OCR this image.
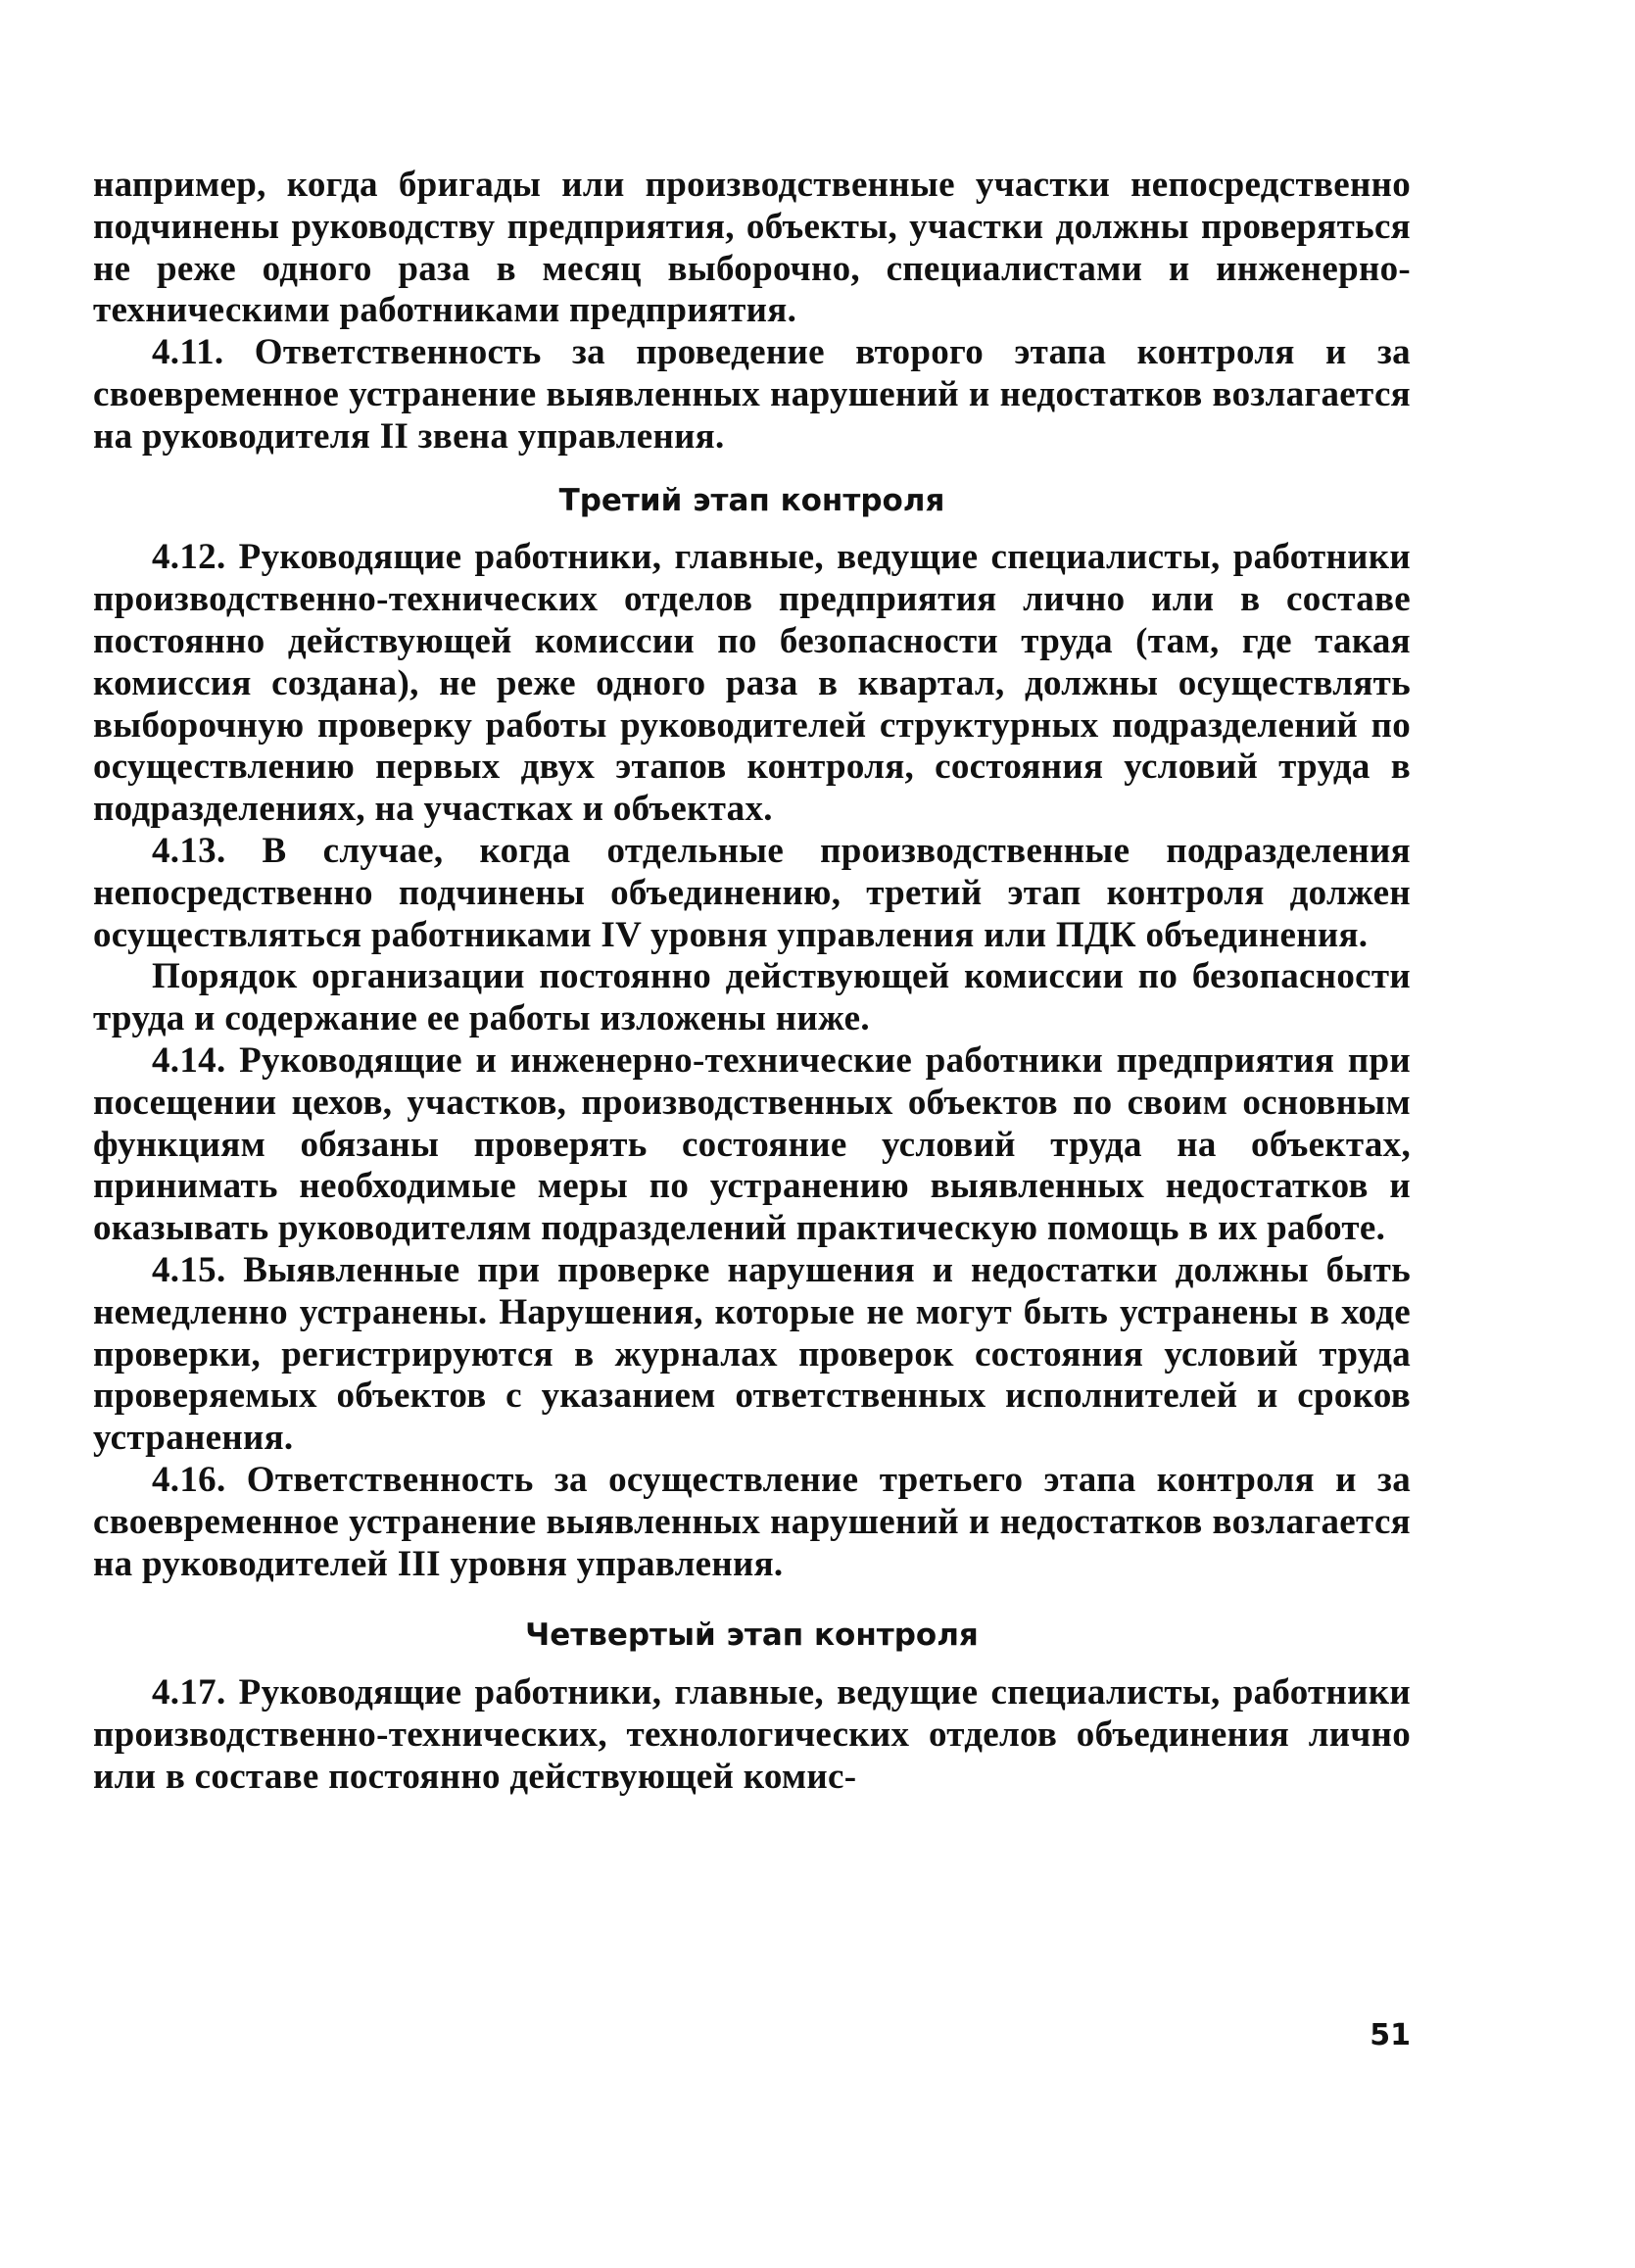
например, когда бригады или производственные участки непосредственно подчинены руководству предприятия, объекты, участки должны проверяться не реже одного раза в месяц выборочно, специалистами и инженерно-техническими работниками предприятия.

4.11. Ответственность за проведение второго этапа контроля и за своевременное устранение выявленных нарушений и недостатков возлагается на руководителя II звена управления.

Третий этап контроля

4.12. Руководящие работники, главные, ведущие специалисты, работники производственно-технических отделов предприятия лично или в составе постоянно действующей комиссии по безопасности труда (там, где такая комиссия создана), не реже одного раза в квартал, должны осуществлять выборочную проверку работы руководителей структурных подразделений по осуществлению первых двух этапов контроля, состояния условий труда в подразделениях, на участках и объектах.

4.13. В случае, когда отдельные производственные подразделения непосредственно подчинены объединению, третий этап контроля должен осуществляться работниками IV уровня управления или ПДК объединения.

Порядок организации постоянно действующей комиссии по безопасности труда и содержание ее работы изложены ниже.

4.14. Руководящие и инженерно-технические работники предприятия при посещении цехов, участков, производственных объектов по своим основным функциям обязаны проверять состояние условий труда на объектах, принимать необходимые меры по устранению выявленных недостатков и оказывать руководителям подразделений практическую помощь в их работе.

4.15. Выявленные при проверке нарушения и недостатки должны быть немедленно устранены. Нарушения, которые не могут быть устранены в ходе проверки, регистрируются в журналах проверок состояния условий труда проверяемых объектов с указанием ответственных исполнителей и сроков устранения.

4.16. Ответственность за осуществление третьего этапа контроля и за своевременное устранение выявленных нарушений и недостатков возлагается на руководителей III уровня управления.

Четвертый этап контроля

4.17. Руководящие работники, главные, ведущие специалисты, работники производственно-технических, технологических отделов объединения лично или в составе постоянно действующей комис-

51
